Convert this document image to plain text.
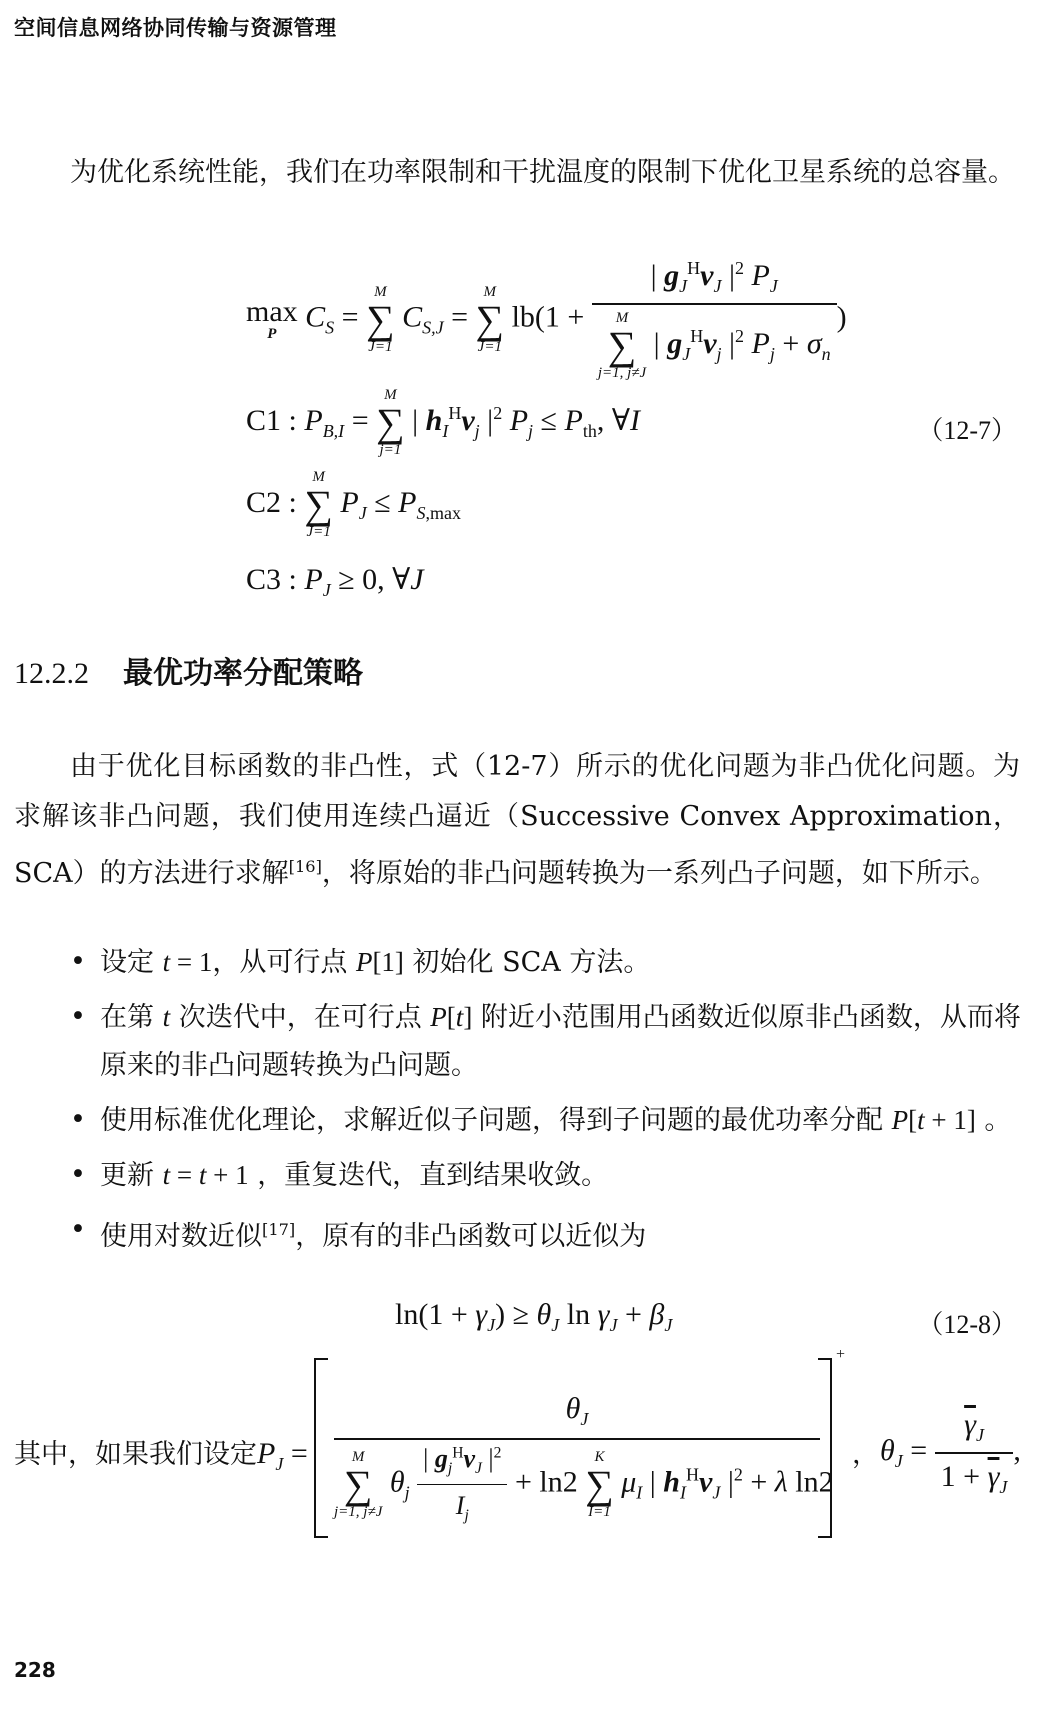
空间信息网络协同传输与资源管理
为优化系统性能，我们在功率限制和干扰温度的限制下优化卫星系统的总容量。
max
P
$C_S$ =
M
∑
J=1
$C_{S,J}$ =
M
∑
J=1
lb(1 + | $g_J^Hv_J$ $|^2$ $P_J$
M
∑
j=1, j≠J
| $g_J^Hv_j$ $|^2$ $P_j + \sigma_n$ )
C1 : $P_{B,I}$ =
M
∑
j=1
| $h_I^Hv_j$ $|^2$ $P_j \le P_{th}$, ∀I	（12-7）
C2 :
M
∑
J=1
$P_J \le P_{S,max}$
C3 : $P_J \ge 0$, ∀J
12.2.2 最优功率分配策略
由于优化目标函数的非凸性，式（12-7）所示的优化问题为非凸优化问题。为求解该非凸问题，我们使用连续凸逼近（Successive Convex Approximation，SCA）的方法进行求解[16]，将原始的非凸问题转换为一系列凸子问题，如下所示。
• 设定 t = 1，从可行点 P[1] 初始化 SCA 方法。
• 在第 t 次迭代中，在可行点 P[t] 附近小范围用凸函数近似原非凸函数，从而将原来的非凸问题转换为凸问题。
• 使用标准优化理论，求解近似子问题，得到子问题的最优功率分配 P[t + 1] 。
• 更新 t = t + 1 ，重复迭代，直到结果收敛。
• 使用对数近似[17]，原有的非凸函数可以近似为
$\ln(1 + \gamma_J) \ge \theta_J$ $\ln \gamma_J + \beta_J$	（12-8）
其中，如果我们设定$P_J$ =
$\theta_J$
M
∑
j=1, j≠J
$\theta_j \frac{| g_j^Hv_J |^2}{I_j} + \ln 2$
K
∑
I=1
$\mu_I$ | $h_I^Hv_J$ $|^2 + \lambda$ ln2
+
， $\theta_J = \frac{\overline{\gamma}_J}{1 + \overline{\gamma}_J}$ ,
228
